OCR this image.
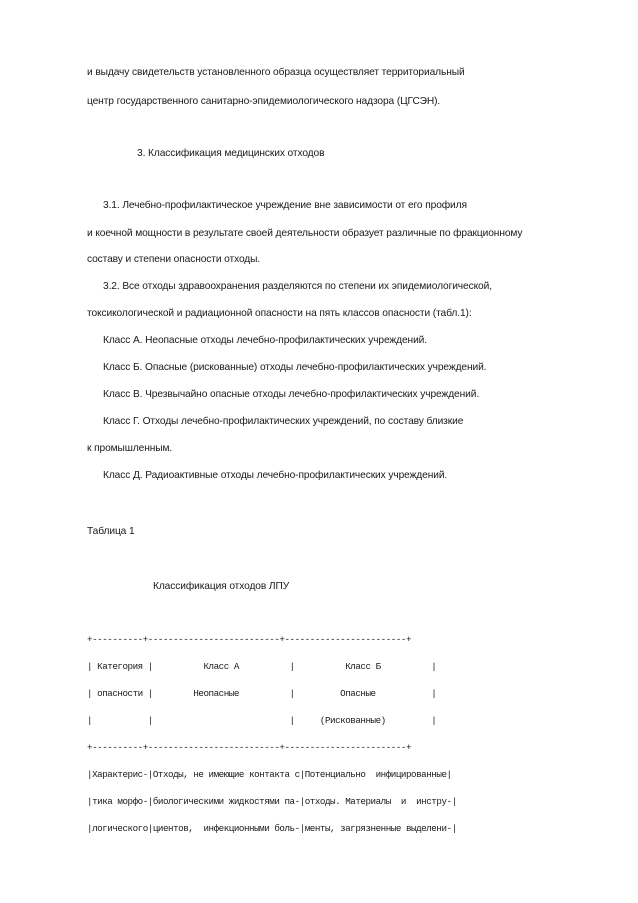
и выдачу свидетельств установленного образца осуществляет территориальный
центр государственного санитарно-эпидемиологического надзора (ЦГСЭН).
3. Классификация медицинских отходов
3.1. Лечебно-профилактическое учреждение вне зависимости от его профиля
и коечной мощности в результате своей деятельности образует различные по фракционному
составу и степени опасности отходы.
3.2. Все отходы здравоохранения разделяются по степени их эпидемиологической,
токсикологической и радиационной опасности на пять классов опасности (табл.1):
Класс А. Неопасные отходы лечебно-профилактических учреждений.
Класс Б. Опасные (рискованные) отходы лечебно-профилактических учреждений.
Класс В. Чрезвычайно опасные отходы лечебно-профилактических учреждений.
Класс Г. Отходы лечебно-профилактических учреждений, по составу близкие
к промышленным.
Класс Д. Радиоактивные отходы лечебно-профилактических учреждений.
Таблица 1
Классификация отходов ЛПУ
+----------+--------------------------+------------------------+
| Категория |          Класс А          |          Класс Б          |
| опасности |        Неопасные          |         Опасные           |
|           |                           |     (Рискованные)         |
+----------+--------------------------+------------------------+
|Характерис-|Отходы, не имеющие контакта с|Потенциально  инфицированные|
|тика морфо-|биологическими жидкостями па-|отходы. Материалы  и  инстру-|
|логического|циентов,  инфекционными боль-|менты, загрязненные выделени-|
